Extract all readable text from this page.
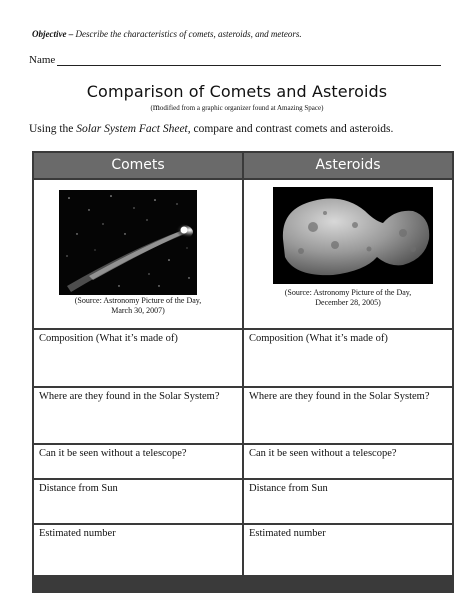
Objective – Describe the characteristics of comets, asteroids, and meteors.
Name
Comparison of Comets and Asteroids
(modified from a graphic organizer found at Amazing Space)
Using the Solar System Fact Sheet, compare and contrast comets and asteroids.
Comets	Asteroids
(Source: Astronomy Picture of the Day,
March 30, 2007)
(Source: Astronomy Picture of the Day,
December 28, 2005)
Composition (What it’s made of)	Composition (What it’s made of)
Where are they found in the Solar System?	Where are they found in the Solar System?
Can it be seen without a telescope?	Can it be seen without a telescope?
Distance from Sun	Distance from Sun
Estimated number	Estimated number
